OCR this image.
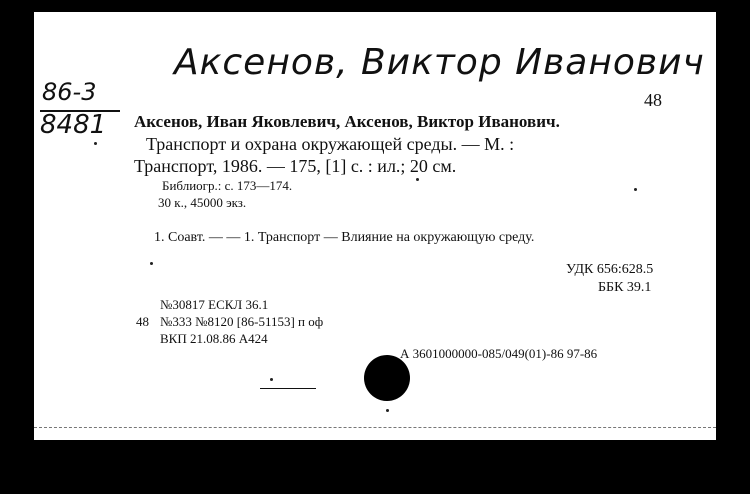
Аксенов, Виктор Иванович
86-3
8481
48
Аксенов, Иван Яковлевич, Аксенов, Виктор Иванович.
Транспорт и охрана окружающей среды. — М. :
Транспорт, 1986. — 175, [1] с. : ил.; 20 см.
Библиогр.: с. 173—174.
30 к., 45000 экз.
1. Соавт. — — 1. Транспорт — Влияние на окружающую среду.
УДК 656:628.5
ББК 39.1
№30817 ЕСКЛ 36.1
48 №333 №8120 [86-51153] п оф
ВКП 21.08.86 А424
А 3601000000-085/049(01)-86 97-86
